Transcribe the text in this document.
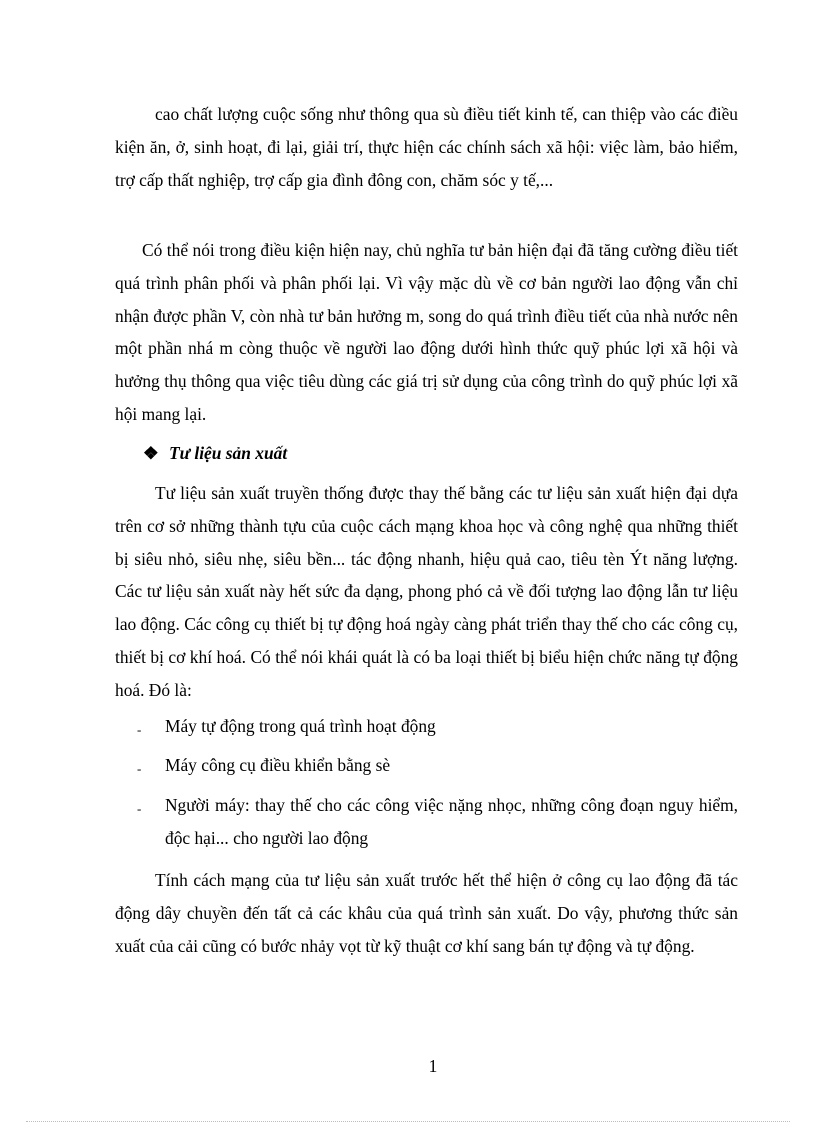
cao chất lượng cuộc sống như thông qua sù điều tiết kinh tế, can thiệp vào các điều kiện ăn, ở, sinh hoạt, đi lại, giải trí, thực hiện các chính sách xã hội: việc làm, bảo hiểm, trợ cấp thất nghiệp, trợ cấp gia đình đông con, chăm sóc y tế,...
Có thể nói trong điều kiện hiện nay, chủ nghĩa tư bản hiện đại đã tăng cường điều tiết quá trình phân phối và phân phối lại. Vì vậy mặc dù về cơ bản người lao động vẫn chỉ nhận được phần V, còn nhà tư bản hưởng m, song do quá trình điều tiết của nhà nước nên một phần nhá m còng thuộc về người lao động dưới hình thức quỹ phúc lợi xã hội và hưởng thụ thông qua việc tiêu dùng các giá trị sử dụng của công trình do quỹ phúc lợi xã hội mang lại.
❖ Tư liệu sản xuất
Tư liệu sản xuất truyền thống được thay thế bằng các tư liệu sản xuất hiện đại dựa trên cơ sở những thành tựu của cuộc cách mạng khoa học và công nghệ qua những thiết bị siêu nhỏ, siêu nhẹ, siêu bền... tác động nhanh, hiệu quả cao, tiêu tèn Ýt năng lượng. Các tư liệu sản xuất này hết sức đa dạng, phong phó cả về đối tượng lao động lẫn tư liệu lao động. Các công cụ thiết bị tự động hoá ngày càng phát triển thay thế cho các công cụ, thiết bị cơ khí hoá. Có thể nói khái quát là có ba loại thiết bị biểu hiện chức năng tự động hoá. Đó là:
- Máy tự động trong quá trình hoạt động
- Máy công cụ điều khiển bằng sè
- Người máy: thay thế cho các công việc nặng nhọc, những công đoạn nguy hiểm, độc hại... cho người lao động
Tính cách mạng của tư liệu sản xuất trước hết thể hiện ở công cụ lao động đã tác động dây chuyền đến tất cả các khâu của quá trình sản xuất. Do vậy, phương thức sản xuất của cải cũng có bước nhảy vọt từ kỹ thuật cơ khí sang bán tự động và tự động.
1
